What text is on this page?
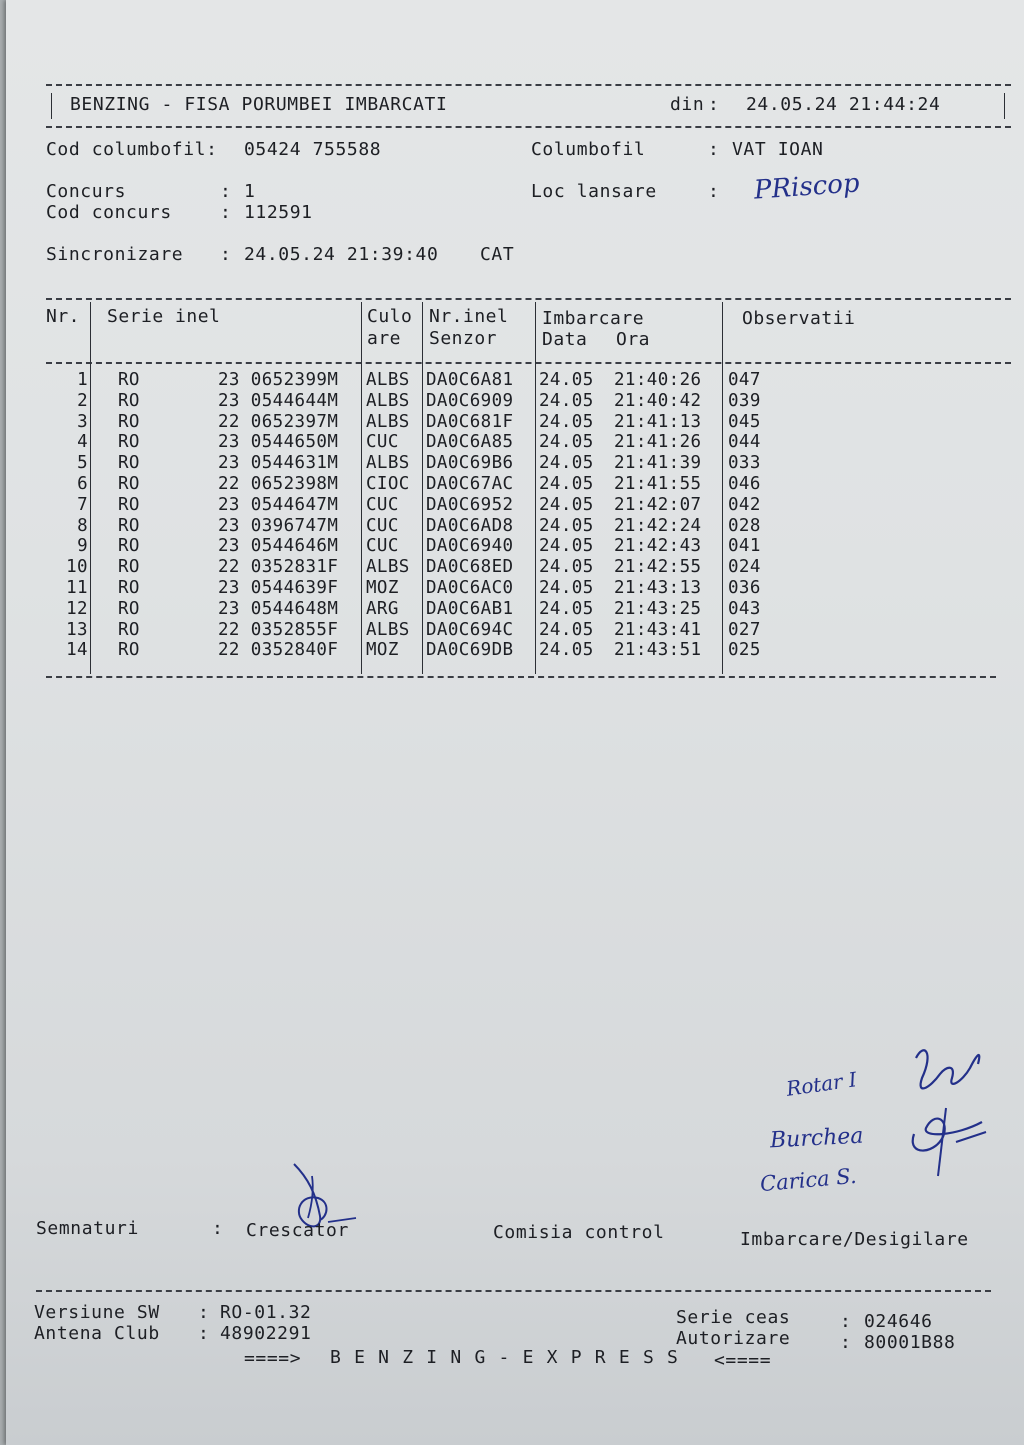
BENZING - FISA PORUMBEI IMBARCATI	din : 24.05.24 21:44:24
Cod columbofil: 05424 755588	Columbofil	: VAT IOAN
Concurs	: 1
Cod concurs	: 112591
Loc lansare	: PRiscop
Sincronizare : 24.05.24 21:39:40 CAT
Nr. Serie inel	Culo
are
Nr.inel
Senzor
Imbarcare
Data Ora
Observatii
1 RO	23 0652399M ALBS DA0C6A81 24.05 21:40:26 047
2 RO	23 0544644M ALBS DA0C6909 24.05 21:40:42 039
3 RO	22 0652397M ALBS DA0C681F 24.05 21:41:13 045
4 RO	23 0544650M CUC DA0C6A85 24.05 21:41:26 044
5 RO	23 0544631M ALBS DA0C69B6 24.05 21:41:39 033
6 RO	22 0652398M CIOC DA0C67AC 24.05 21:41:55 046
7 RO	23 0544647M CUC DA0C6952 24.05 21:42:07 042
8 RO	23 0396747M CUC DA0C6AD8 24.05 21:42:24 028
9 RO	23 0544646M CUC DA0C6940 24.05 21:42:43 041
10 RO	22 0352831F ALBS DA0C68ED 24.05 21:42:55 024
11 RO	23 0544639F MOZ DA0C6AC0 24.05 21:43:13 036
12 RO	23 0544648M ARG DA0C6AB1 24.05 21:43:25 043
13 RO	22 0352855F ALBS DA0C694C 24.05 21:43:41 027
14 RO	22 0352840F MOZ DA0C69DB 24.05 21:43:51 025
Rotar I
Burchea
Carica S.
Semnaturi	: Crescator	Comisia control	Imbarcare/Desigilare
Versiune SW : RO-01.32
Antena Club : 48902291
Serie ceas	: 024646
Autorizare	: 80001B88
====> B E N Z I N G - E X P R E S S <====
